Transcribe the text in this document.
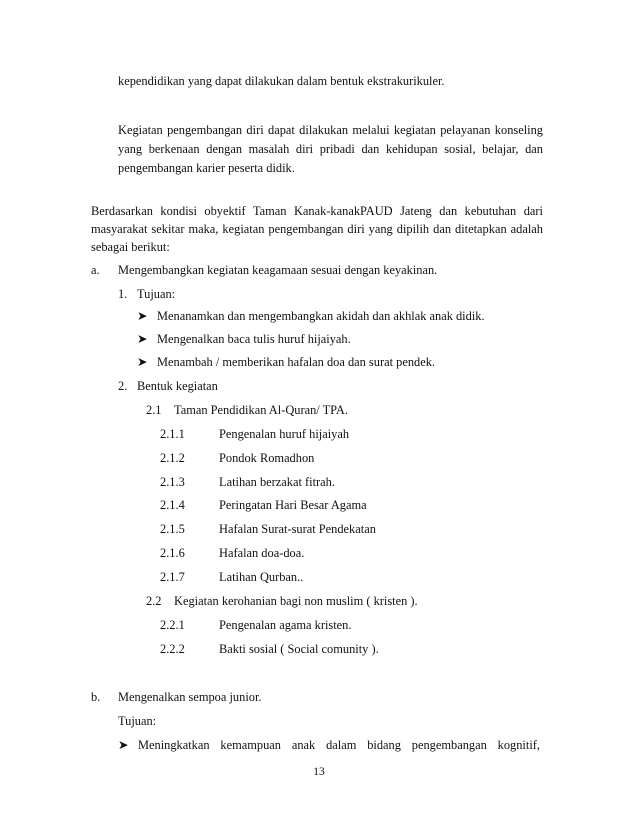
kependidikan yang dapat dilakukan dalam bentuk ekstrakurikuler.
Kegiatan pengembangan diri dapat dilakukan melalui kegiatan pelayanan konseling
yang berkenaan dengan masalah diri pribadi dan kehidupan sosial, belajar, dan
pengembangan karier peserta didik.
Berdasarkan kondisi obyektif Taman Kanak-kanakPAUD Jateng dan kebutuhan dari
masyarakat sekitar maka, kegiatan pengembangan diri yang dipilih dan ditetapkan adalah
sebagai berikut:
a. Mengembangkan kegiatan keagamaan sesuai dengan keyakinan.
1. Tujuan:
➤ Menanamkan dan mengembangkan akidah dan akhlak anak didik.
➤ Mengenalkan baca tulis huruf hijaiyah.
➤ Menambah / memberikan hafalan doa dan surat pendek.
2. Bentuk kegiatan
2.1 Taman Pendidikan Al-Quran/ TPA.
2.1.1	Pengenalan huruf hijaiyah
2.1.2	Pondok Romadhon
2.1.3	Latihan berzakat fitrah.
2.1.4	Peringatan Hari Besar Agama
2.1.5	Hafalan Surat-surat Pendekatan
2.1.6	Hafalan doa-doa.
2.1.7	Latihan Qurban..
2.2 Kegiatan kerohanian bagi non muslim ( kristen ).
2.2.1	Pengenalan agama kristen.
2.2.2	Bakti sosial ( Social comunity ).
b. Mengenalkan sempoa junior.
Tujuan:
➤ Meningkatkan kemampuan anak dalam bidang pengembangan kognitif,
13
